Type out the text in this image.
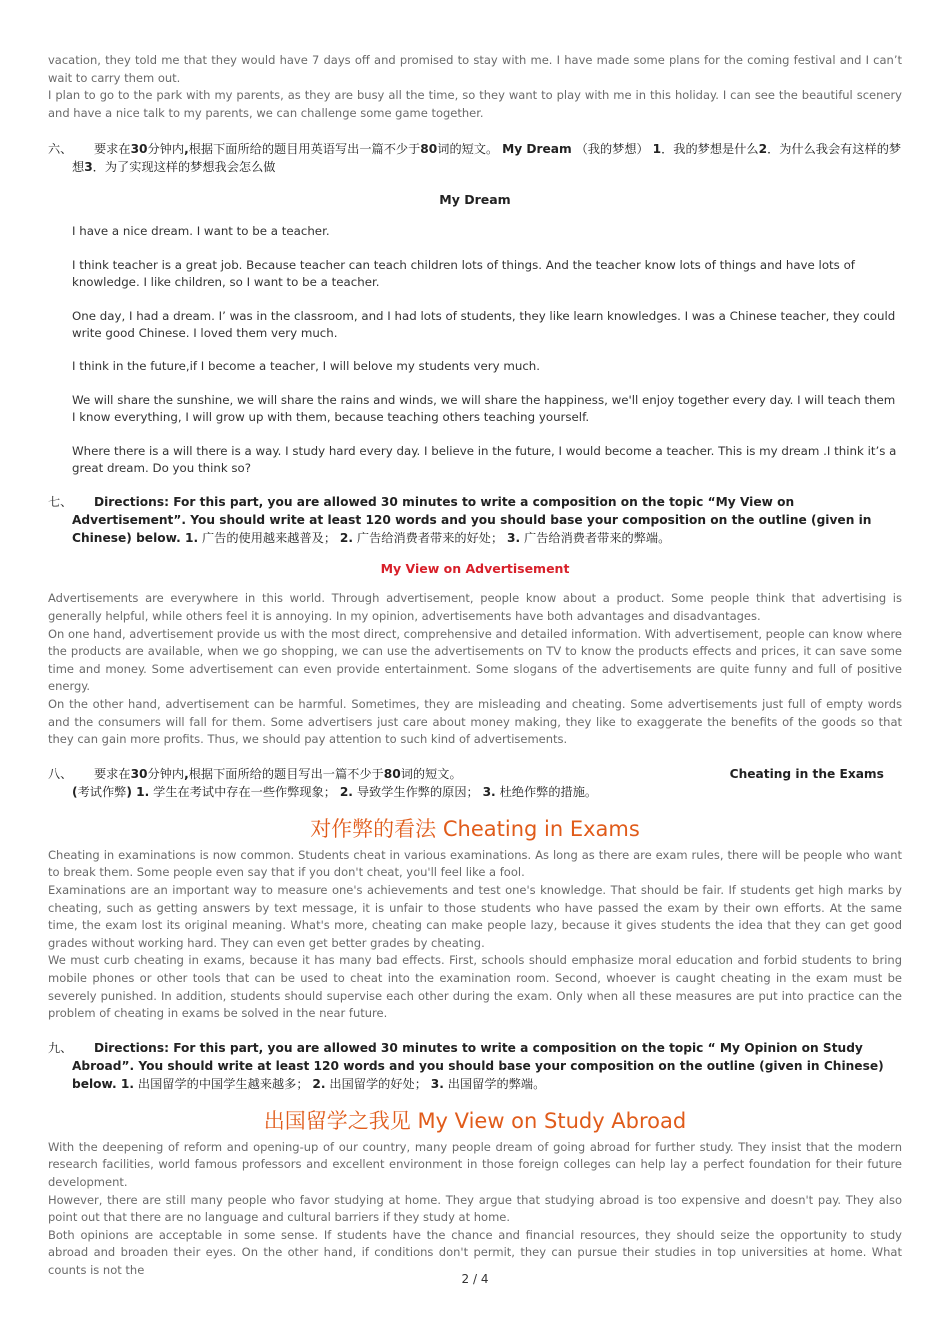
vacation, they told me that they would have 7 days off and promised to stay with me. I have made some plans for the coming festival and I can’t wait to carry them out.

I plan to go to the park with my parents, as they are busy all the time, so they want to play with me in this holiday. I can see the beautiful scenery and have a nice talk to my parents, we can challenge some game together.

六、 要求在30分钟内,根据下面所给的题目用英语写出一篇不少于80词的短文。 My Dream （我的梦想） 1．我的梦想是什么2．为什么我会有这样的梦想3．为了实现这样的梦想我会怎么做

My Dream

I have a nice dream. I want to be a teacher.

I think teacher is a great job. Because teacher can teach children lots of things. And the teacher know lots of things and have lots of knowledge. I like children, so I want to be a teacher.

One day, I had a dream. I’ was in the classroom, and I had lots of students, they like learn knowledges. I was a Chinese teacher, they could write good Chinese. I loved them very much.

I think in the future,if I become a teacher, I will belove my students very much.

We will share the sunshine, we will share the rains and winds, we will share the happiness, we'll enjoy together every day. I will teach them I know everything, I will grow up with them, because teaching others teaching yourself.

Where there is a will there is a way. I study hard every day. I believe in the future, I would become a teacher. This is my dream .I think it’s a great dream. Do you think so?

七、 Directions: For this part, you are allowed 30 minutes to write a composition on the topic “My View on Advertisement”. You should write at least 120 words and you should base your composition on the outline (given in Chinese) below. 1. 广告的使用越来越普及； 2. 广告给消费者带来的好处； 3. 广告给消费者带来的弊端。

My View on Advertisement

Advertisements are everywhere in this world. Through advertisement, people know about a product. Some people think that advertising is generally helpful, while others feel it is annoying. In my opinion, advertisements have both advantages and disadvantages.

On one hand, advertisement provide us with the most direct, comprehensive and detailed information. With advertisement, people can know where the products are available, when we go shopping, we can use the advertisements on TV to know the products effects and prices, it can save some time and money. Some advertisement can even provide entertainment. Some slogans of the advertisements are quite funny and full of positive energy.

On the other hand, advertisement can be harmful. Sometimes, they are misleading and cheating. Some advertisements just full of empty words and the consumers will fall for them. Some advertisers just care about money making, they like to exaggerate the benefits of the goods so that they can gain more profits. Thus, we should pay attention to such kind of advertisements.

八、 要求在30分钟内,根据下面所给的题目写出一篇不少于80词的短文。	Cheating in the Exams (考试作弊) 1. 学生在考试中存在一些作弊现象； 2. 导致学生作弊的原因； 3. 杜绝作弊的措施。

对作弊的看法 Cheating in Exams

Cheating in examinations is now common. Students cheat in various examinations. As long as there are exam rules, there will be people who want to break them. Some people even say that if you don't cheat, you'll feel like a fool.

Examinations are an important way to measure one's achievements and test one's knowledge. That should be fair. If students get high marks by cheating, such as getting answers by text message, it is unfair to those students who have passed the exam by their own efforts. At the same time, the exam lost its original meaning. What's more, cheating can make people lazy, because it gives students the idea that they can get good grades without working hard. They can even get better grades by cheating.

We must curb cheating in exams, because it has many bad effects. First, schools should emphasize moral education and forbid students to bring mobile phones or other tools that can be used to cheat into the examination room. Second, whoever is caught cheating in the exam must be severely punished. In addition, students should supervise each other during the exam. Only when all these measures are put into practice can the problem of cheating in exams be solved in the near future.

九、 Directions: For this part, you are allowed 30 minutes to write a composition on the topic “ My Opinion on Study Abroad”. You should write at least 120 words and you should base your composition on the outline (given in Chinese) below. 1. 出国留学的中国学生越来越多； 2. 出国留学的好处； 3. 出国留学的弊端。

出国留学之我见 My View on Study Abroad

With the deepening of reform and opening-up of our country, many people dream of going abroad for further study. They insist that the modern research facilities, world famous professors and excellent environment in those foreign colleges can help lay a perfect foundation for their future development.

However, there are still many people who favor studying at home. They argue that studying abroad is too expensive and doesn't pay. They also point out that there are no language and cultural barriers if they study at home.

Both opinions are acceptable in some sense. If students have the chance and financial resources, they should seize the opportunity to study abroad and broaden their eyes. On the other hand, if conditions don't permit, they can pursue their studies in top universities at home. What counts is not the

2 / 4
